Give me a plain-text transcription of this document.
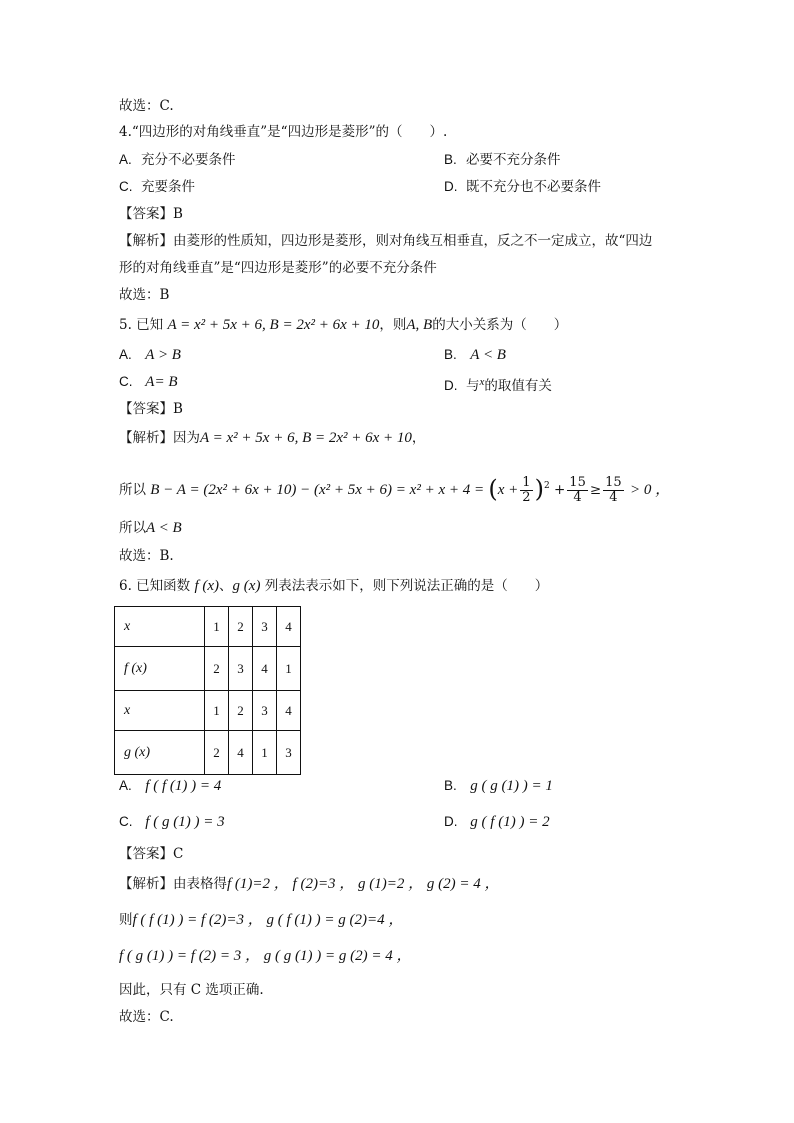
故选：C.
4.“四边形的对角线垂直”是“四边形是菱形”的（　　）.
A. 充分不必要条件	B. 必要不充分条件
C. 充要条件	D. 既不充分也不必要条件
【答案】B
【解析】由菱形的性质知，四边形是菱形，则对角线互相垂直，反之不一定成立，故“四边
形的对角线垂直”是“四边形是菱形”的必要不充分条件
故选：B
5. 已知 A = x² + 5x + 6, B = 2x² + 6x + 10，则A, B的大小关系为（　　）
A. A > B	B. A < B
C. A= B	D. 与$^x$的取值有关
【答案】B
【解析】因为A = x² + 5x + 6, B = 2x² + 6x + 10，
所以 $B - A = (2x^2 + 6x + 10) - (x^2 + 5x + 6) = x^2 + x + 4 = (x + \frac{1}{2} )^2 + \frac{15}{4} \ge \frac{15}{4} > 0$ ，
所以A < B
故选：B.
6. 已知函数 f (x)、g (x) 列表法表示如下，则下列说法正确的是（　　）
x	1	2	3	4
f (x)	2	3	4	1
x	1	2	3	4
g (x)	2	4	1	3
A. f ( f (1) ) = 4	B. g ( g (1) ) = 1
C. f ( g (1) ) = 3	D. g ( f (1) ) = 2
【答案】C
【解析】由表格得f (1)=2 ， f (2)=3 ， g (1)=2 ， g (2) = 4 ，
则f ( f (1) ) = f (2)=3 ， g ( f (1) ) = g (2)=4 ，
f ( g (1) ) = f (2) = 3 ， g ( g (1) ) = g (2) = 4 ，
因此，只有 C 选项正确.
故选：C.
